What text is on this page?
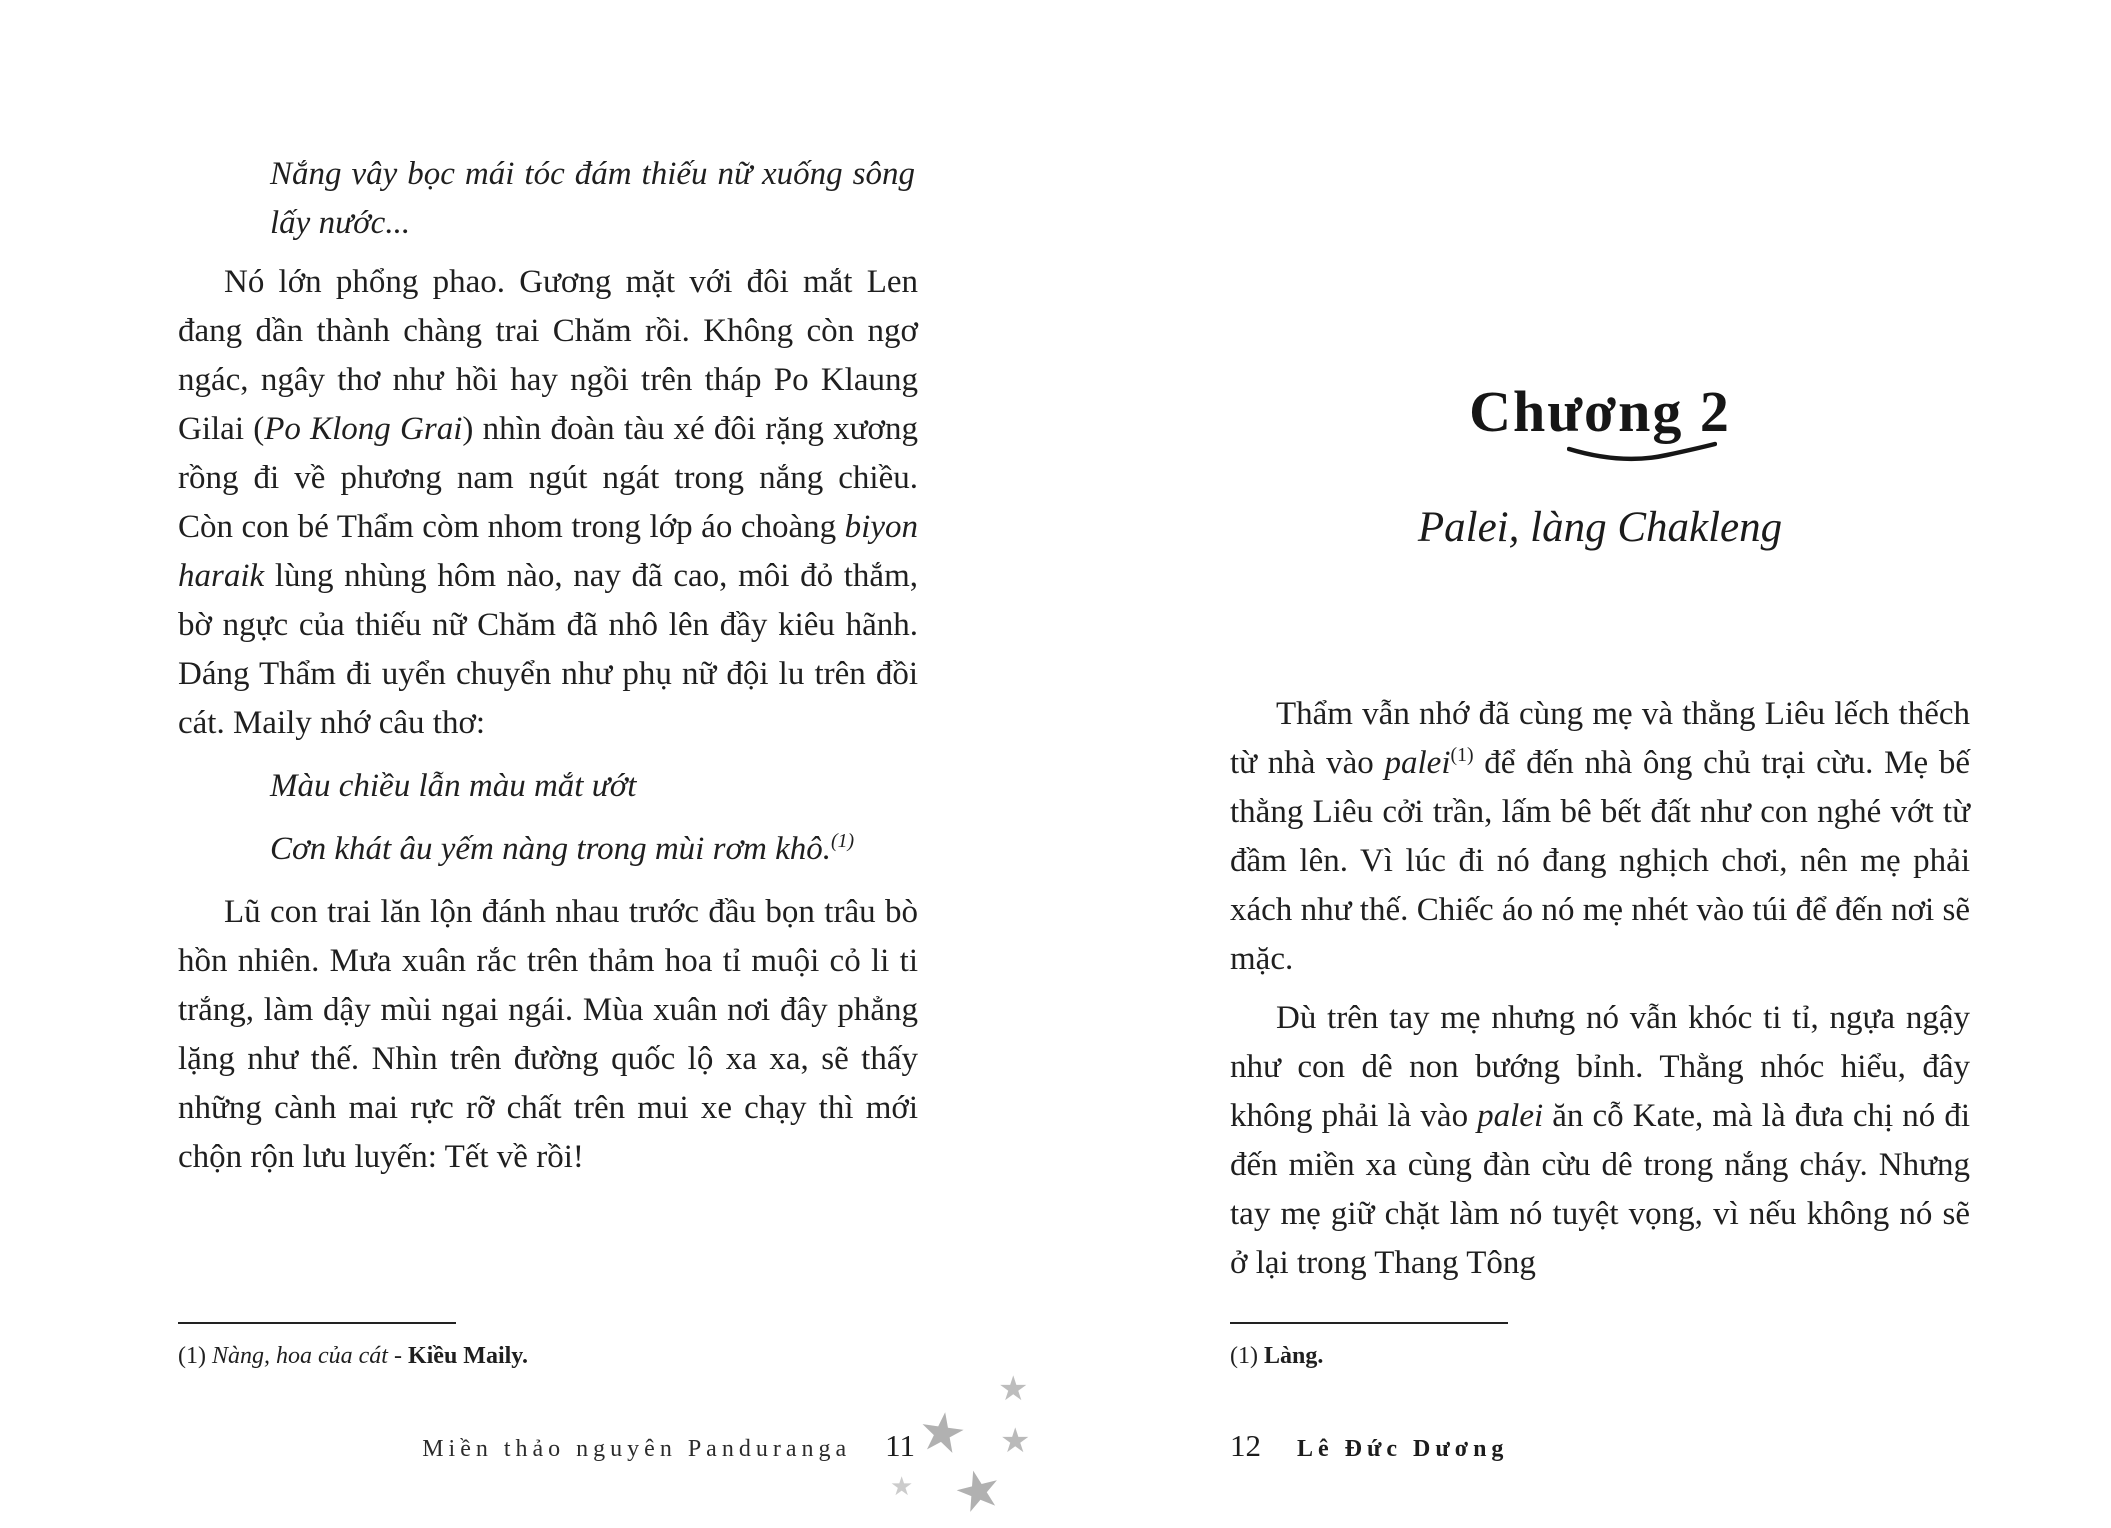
Nắng vây bọc mái tóc đám thiếu nữ xuống sông lấy nước...

Nó lớn phổng phao. Gương mặt với đôi mắt Len đang dần thành chàng trai Chăm rồi. Không còn ngơ ngác, ngây thơ như hồi hay ngồi trên tháp Po Klaung Gilai (Po Klong Grai) nhìn đoàn tàu xé đôi rặng xương rồng đi về phương nam ngút ngát trong nắng chiều. Còn con bé Thẩm còm nhom trong lớp áo choàng biyon haraik lùng nhùng hôm nào, nay đã cao, môi đỏ thắm, bờ ngực của thiếu nữ Chăm đã nhô lên đầy kiêu hãnh. Dáng Thẩm đi uyển chuyển như phụ nữ đội lu trên đồi cát. Maily nhớ câu thơ:

Màu chiều lẫn màu mắt ướt
Cơn khát âu yếm nàng trong mùi rơm khô.$^{(1)}$

Lũ con trai lăn lộn đánh nhau trước đầu bọn trâu bò hồn nhiên. Mưa xuân rắc trên thảm hoa tỉ muội cỏ li ti trắng, làm dậy mùi ngai ngái. Mùa xuân nơi đây phẳng lặng như thế. Nhìn trên đường quốc lộ xa xa, sẽ thấy những cành mai rực rỡ chất trên mui xe chạy thì mới chộn rộn lưu luyến: Tết về rồi!

(1) Nàng, hoa của cát - Kiều Maily.
Miền thảo nguyên Panduranga 11
Chương 2
Palei, làng Chakleng

Thẩm vẫn nhớ đã cùng mẹ và thằng Liêu lếch thếch từ nhà vào palei$^{(1)}$ để đến nhà ông chủ trại cừu. Mẹ bế thằng Liêu cởi trần, lấm bê bết đất như con nghé vớt từ đầm lên. Vì lúc đi nó đang nghịch chơi, nên mẹ phải xách như thế. Chiếc áo nó mẹ nhét vào túi để đến nơi sẽ mặc.

Dù trên tay mẹ nhưng nó vẫn khóc ti tỉ, ngựa ngậy như con dê non bướng bỉnh. Thằng nhóc hiểu, đây không phải là vào palei ăn cỗ Kate, mà là đưa chị nó đi đến miền xa cùng đàn cừu dê trong nắng cháy. Nhưng tay mẹ giữ chặt làm nó tuyệt vọng, vì nếu không nó sẽ ở lại trong Thang Tông

(1) Làng.
12 Lê Đức Dương
★
★ ★
★ ★
